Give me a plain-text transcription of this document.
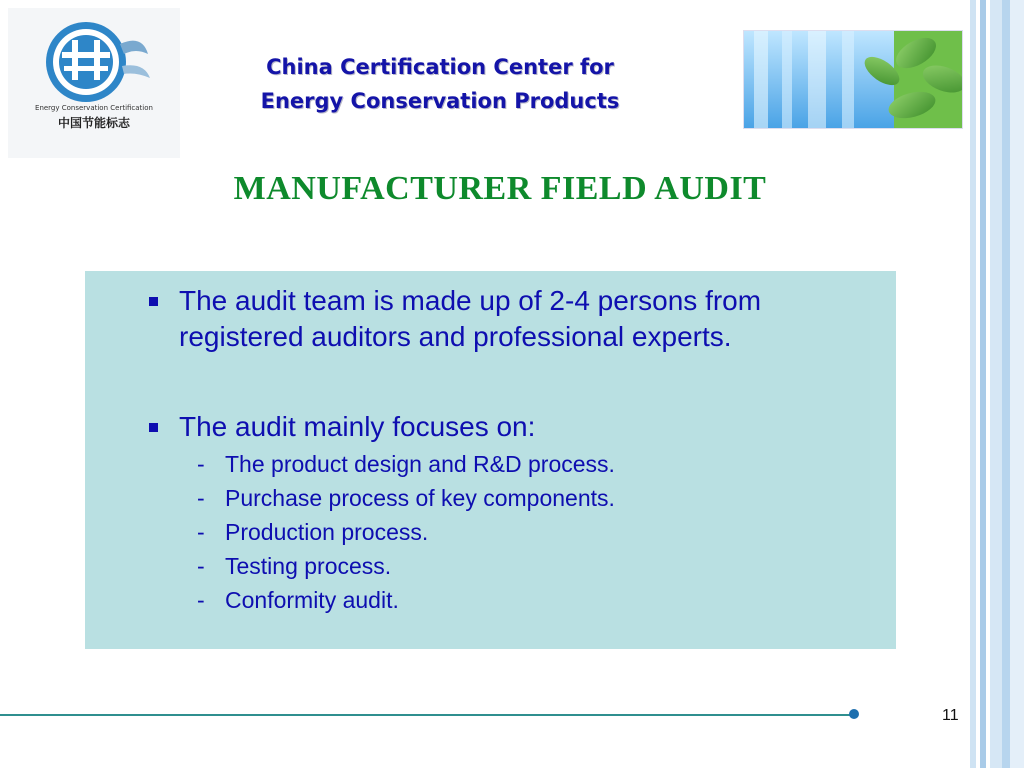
Energy Conservation Certification
中国节能标志
China Certification Center for
Energy Conservation Products
MANUFACTURER FIELD AUDIT
The audit team is made up of 2-4 persons from registered auditors and professional experts.
The audit mainly focuses on:
- The product design and R&D process.
- Purchase process of key components.
- Production process.
- Testing process.
- Conformity audit.
11
